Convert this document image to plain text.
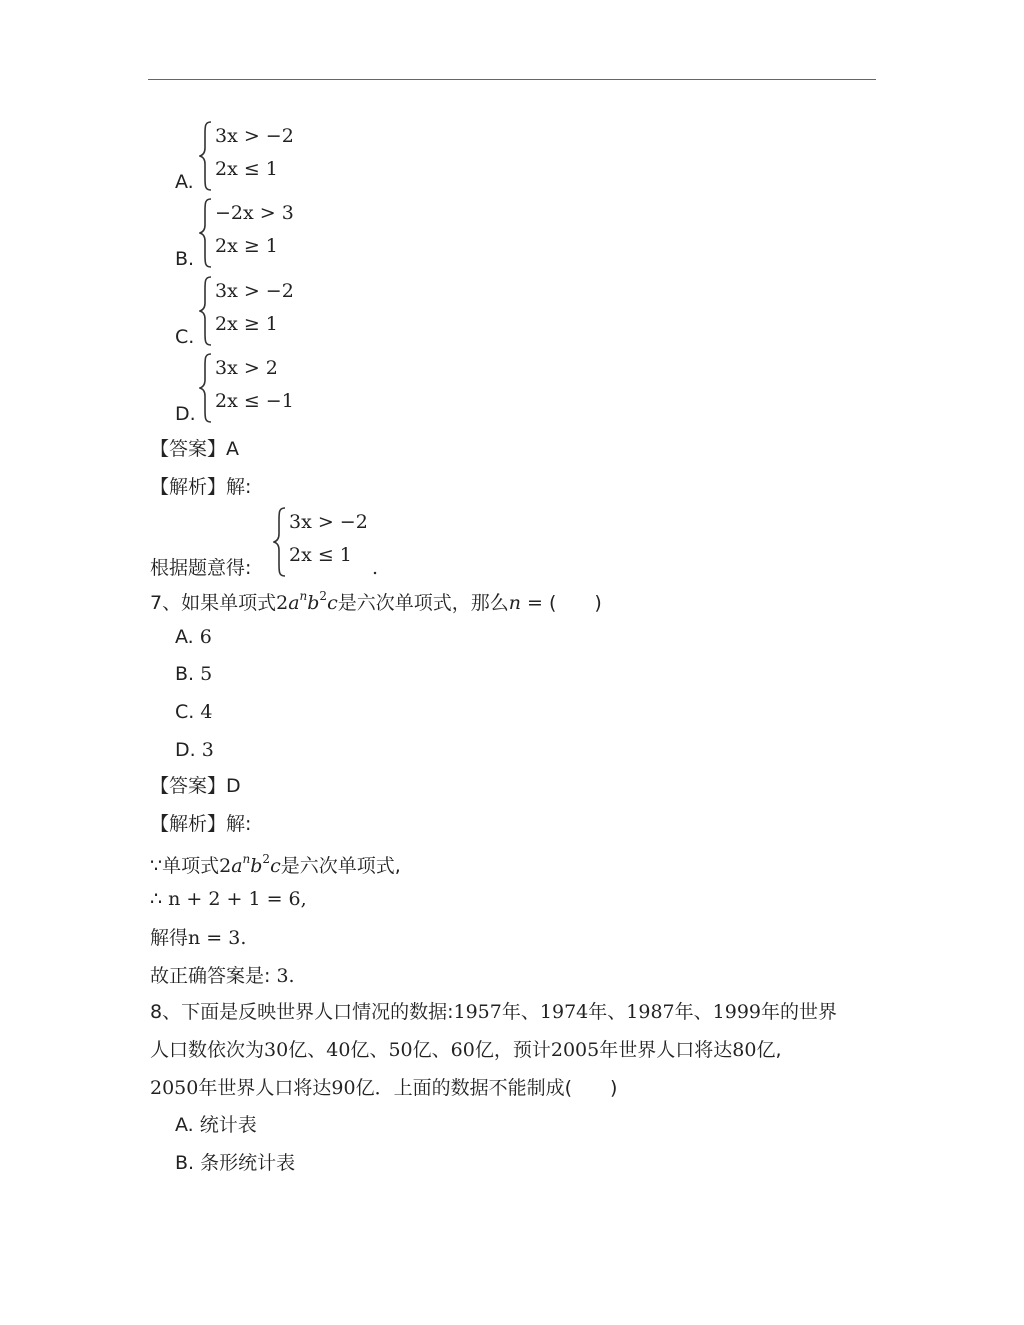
A.
3x > −2
2x ≤ 1
B.
−2x > 3
2x ≥ 1
C.
3x > −2
2x ≥ 1
D.
3x > 2
2x ≤ −1
【答案】A
【解析】解:
根据题意得:
3x > −2
2x ≤ 1
.
7、如果单项式$2a^nb^2c$是六次单项式，那么n = (　　)
A. 6
B. 5
C. 4
D. 3
【答案】D
【解析】解:
∵单项式$2a^nb^2c$是六次单项式,
∴ n + 2 + 1 = 6,
解得n = 3.
故正确答案是: 3.
8、下面是反映世界人口情况的数据:1957年、1974年、1987年、1999年的世界
人口数依次为30亿、40亿、50亿、60亿，预计2005年世界人口将达80亿,
2050年世界人口将达90亿．上面的数据不能制成(　　)
A. 统计表
B. 条形统计表
